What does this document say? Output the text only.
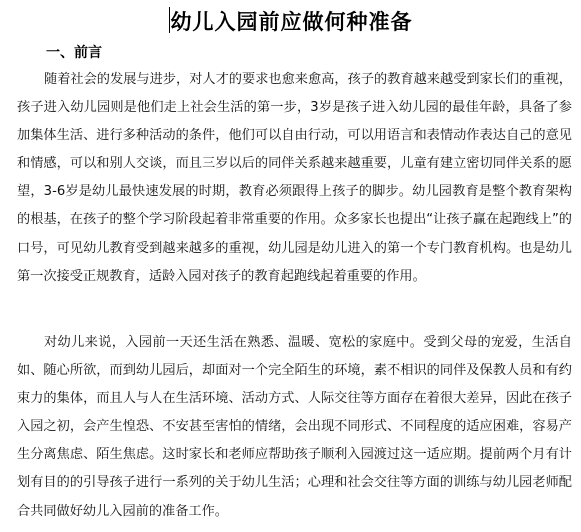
幼儿入园前应做何种准备
一、前言

随着社会的发展与进步，对人才的要求也愈来愈高，孩子的教育越来越受到家长们的重视，孩子进入幼儿园则是他们走上社会生活的第一步，3岁是孩子进入幼儿园的最佳年龄，具备了参加集体生活、进行多种活动的条件，他们可以自由行动，可以用语言和表情动作表达自己的意见和情感，可以和别人交谈，而且三岁以后的同伴关系越来越重要，儿童有建立密切同伴关系的愿望，3-6岁是幼儿最快速发展的时期，教育必须跟得上孩子的脚步。幼儿园教育是整个教育架构的根基，在孩子的整个学习阶段起着非常重要的作用。众多家长也提出“让孩子赢在起跑线上”的口号，可见幼儿教育受到越来越多的重视，幼儿园是幼儿进入的第一个专门教育机构。也是幼儿第一次接受正规教育，适龄入园对孩子的教育起跑线起着重要的作用。

对幼儿来说，入园前一天还生活在熟悉、温暖、宽松的家庭中。受到父母的宠爱，生活自如、随心所欲，而到幼儿园后，却面对一个完全陌生的环境，素不相识的同伴及保教人员和有约束力的集体，而且人与人在生活环境、活动方式、人际交往等方面存在着很大差异，因此在孩子入园之初，会产生惶恐、不安甚至害怕的情绪，会出现不同形式、不同程度的适应困难，容易产生分离焦虑、陌生焦虑。这时家长和老师应帮助孩子顺利入园渡过这一适应期。提前两个月有计划有目的的引导孩子进行一系列的关于幼儿生活；心理和社会交往等方面的训练与幼儿园老师配合共同做好幼儿入园前的准备工作。
